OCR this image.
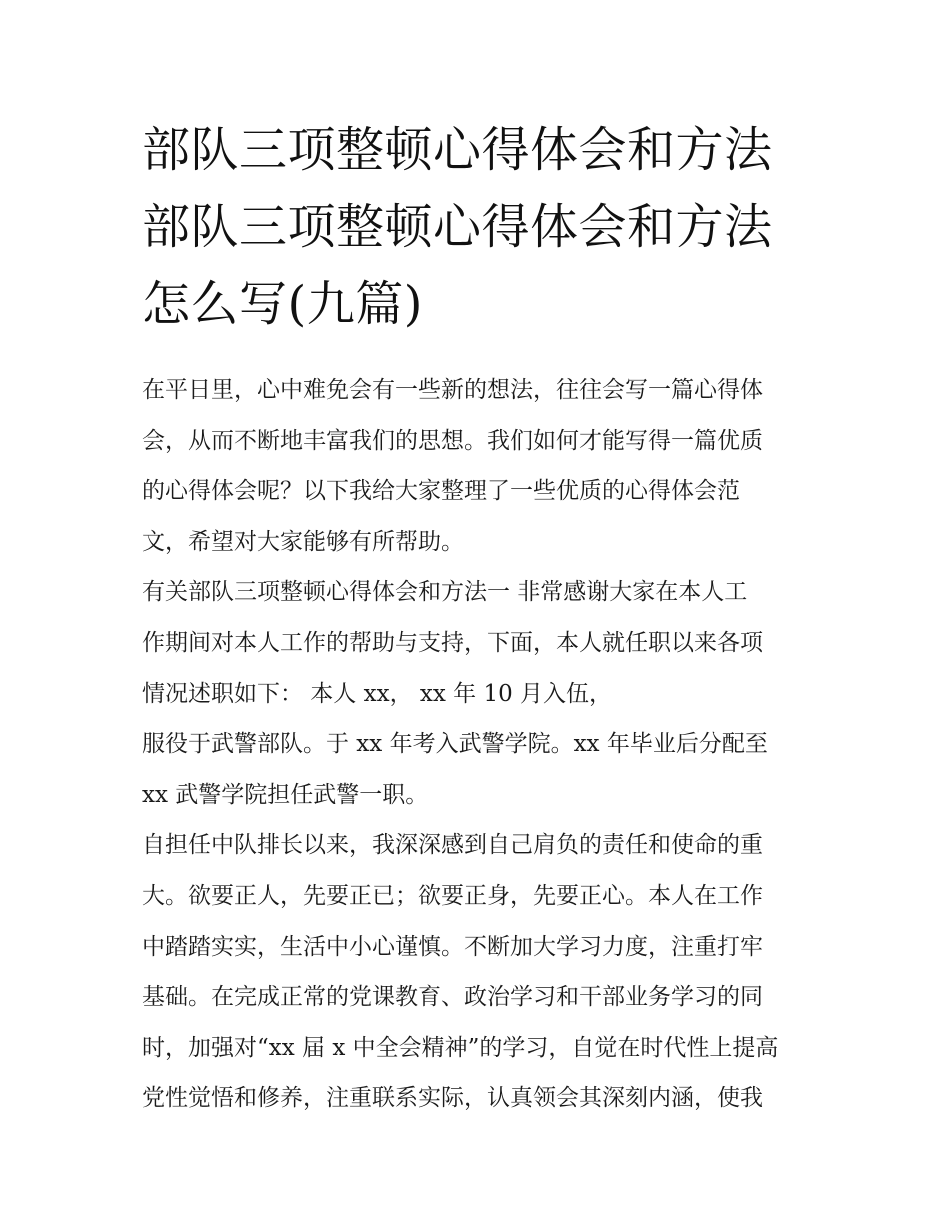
部队三项整顿心得体会和方法
部队三项整顿心得体会和方法
怎么写(九篇)

在平日里，心中难免会有一些新的想法，往往会写一篇心得体
会，从而不断地丰富我们的思想。我们如何才能写得一篇优质
的心得体会呢？以下我给大家整理了一些优质的心得体会范
文，希望对大家能够有所帮助。

有关部队三项整顿心得体会和方法一 非常感谢大家在本人工
作期间对本人工作的帮助与支持，下面，本人就任职以来各项
情况述职如下： 本人 xx， xx 年 10 月入伍，

服役于武警部队。于 xx 年考入武警学院。xx 年毕业后分配至
xx 武警学院担任武警一职。

自担任中队排长以来，我深深感到自己肩负的责任和使命的重
大。欲要正人，先要正已；欲要正身，先要正心。本人在工作
中踏踏实实，生活中小心谨慎。不断加大学习力度，注重打牢
基础。在完成正常的党课教育、政治学习和干部业务学习的同
时，加强对“xx 届 x 中全会精神”的学习，自觉在时代性上提高
党性觉悟和修养，注重联系实际，认真领会其深刻内涵，使我
